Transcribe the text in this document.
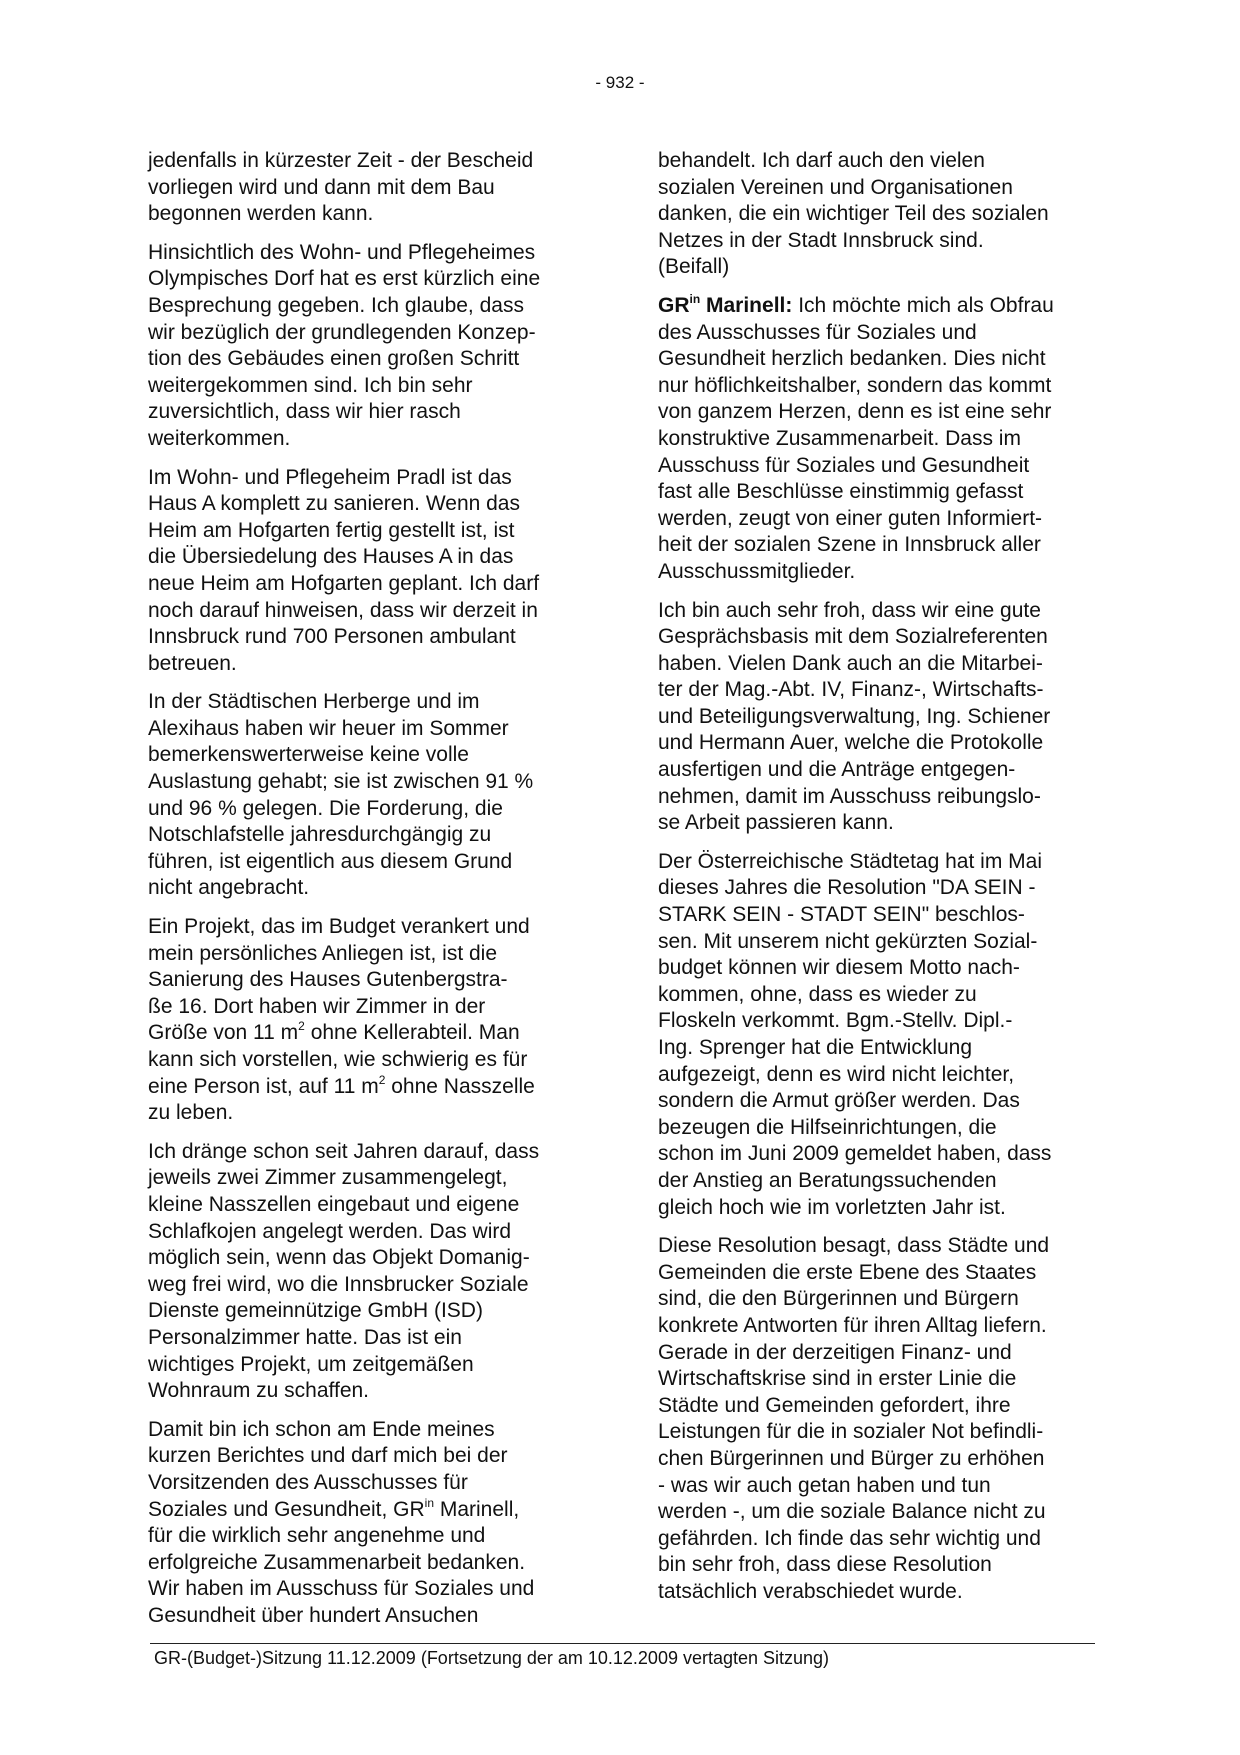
- 932 -

jedenfalls in kürzester Zeit - der Bescheid
vorliegen wird und dann mit dem Bau
begonnen werden kann.

Hinsichtlich des Wohn- und Pflegeheimes
Olympisches Dorf hat es erst kürzlich eine
Besprechung gegeben. Ich glaube, dass
wir bezüglich der grundlegenden Konzep-
tion des Gebäudes einen großen Schritt
weitergekommen sind. Ich bin sehr
zuversichtlich, dass wir hier rasch
weiterkommen.

Im Wohn- und Pflegeheim Pradl ist das
Haus A komplett zu sanieren. Wenn das
Heim am Hofgarten fertig gestellt ist, ist
die Übersiedelung des Hauses A in das
neue Heim am Hofgarten geplant. Ich darf
noch darauf hinweisen, dass wir derzeit in
Innsbruck rund 700 Personen ambulant
betreuen.

In der Städtischen Herberge und im
Alexihaus haben wir heuer im Sommer
bemerkenswerterweise keine volle
Auslastung gehabt; sie ist zwischen 91 %
und 96 % gelegen. Die Forderung, die
Notschlafstelle jahresdurchgängig zu
führen, ist eigentlich aus diesem Grund
nicht angebracht.

Ein Projekt, das im Budget verankert und
mein persönliches Anliegen ist, ist die
Sanierung des Hauses Gutenbergstra-
ße 16. Dort haben wir Zimmer in der
Größe von 11 $m^2$ ohne Kellerabteil. Man
kann sich vorstellen, wie schwierig es für
eine Person ist, auf 11 $m^2$ ohne Nasszelle
zu leben.

Ich dränge schon seit Jahren darauf, dass
jeweils zwei Zimmer zusammengelegt,
kleine Nasszellen eingebaut und eigene
Schlafkojen angelegt werden. Das wird
möglich sein, wenn das Objekt Domanig-
weg frei wird, wo die Innsbrucker Soziale
Dienste gemeinnützige GmbH (ISD)
Personalzimmer hatte. Das ist ein
wichtiges Projekt, um zeitgemäßen
Wohnraum zu schaffen.

Damit bin ich schon am Ende meines
kurzen Berichtes und darf mich bei der
Vorsitzenden des Ausschusses für
Soziales und Gesundheit, $GR^{in}$ Marinell,
für die wirklich sehr angenehme und
erfolgreiche Zusammenarbeit bedanken.
Wir haben im Ausschuss für Soziales und
Gesundheit über hundert Ansuchen

behandelt. Ich darf auch den vielen
sozialen Vereinen und Organisationen
danken, die ein wichtiger Teil des sozialen
Netzes in der Stadt Innsbruck sind.
(Beifall)

$GR^{in}$ Marinell: Ich möchte mich als Obfrau
des Ausschusses für Soziales und
Gesundheit herzlich bedanken. Dies nicht
nur höflichkeitshalber, sondern das kommt
von ganzem Herzen, denn es ist eine sehr
konstruktive Zusammenarbeit. Dass im
Ausschuss für Soziales und Gesundheit
fast alle Beschlüsse einstimmig gefasst
werden, zeugt von einer guten Informiert-
heit der sozialen Szene in Innsbruck aller
Ausschussmitglieder.

Ich bin auch sehr froh, dass wir eine gute
Gesprächsbasis mit dem Sozialreferenten
haben. Vielen Dank auch an die Mitarbei-
ter der Mag.-Abt. IV, Finanz-, Wirtschafts-
und Beteiligungsverwaltung, Ing. Schiener
und Hermann Auer, welche die Protokolle
ausfertigen und die Anträge entgegen-
nehmen, damit im Ausschuss reibungslo-
se Arbeit passieren kann.

Der Österreichische Städtetag hat im Mai
dieses Jahres die Resolution "DA SEIN -
STARK SEIN - STADT SEIN" beschlos-
sen. Mit unserem nicht gekürzten Sozial-
budget können wir diesem Motto nach-
kommen, ohne, dass es wieder zu
Floskeln verkommt. Bgm.-Stellv. Dipl.-
Ing. Sprenger hat die Entwicklung
aufgezeigt, denn es wird nicht leichter,
sondern die Armut größer werden. Das
bezeugen die Hilfseinrichtungen, die
schon im Juni 2009 gemeldet haben, dass
der Anstieg an Beratungssuchenden
gleich hoch wie im vorletzten Jahr ist.

Diese Resolution besagt, dass Städte und
Gemeinden die erste Ebene des Staates
sind, die den Bürgerinnen und Bürgern
konkrete Antworten für ihren Alltag liefern.
Gerade in der derzeitigen Finanz- und
Wirtschaftskrise sind in erster Linie die
Städte und Gemeinden gefordert, ihre
Leistungen für die in sozialer Not befindli-
chen Bürgerinnen und Bürger zu erhöhen
- was wir auch getan haben und tun
werden -, um die soziale Balance nicht zu
gefährden. Ich finde das sehr wichtig und
bin sehr froh, dass diese Resolution
tatsächlich verabschiedet wurde.

GR-(Budget-)Sitzung 11.12.2009 (Fortsetzung der am 10.12.2009 vertagten Sitzung)
